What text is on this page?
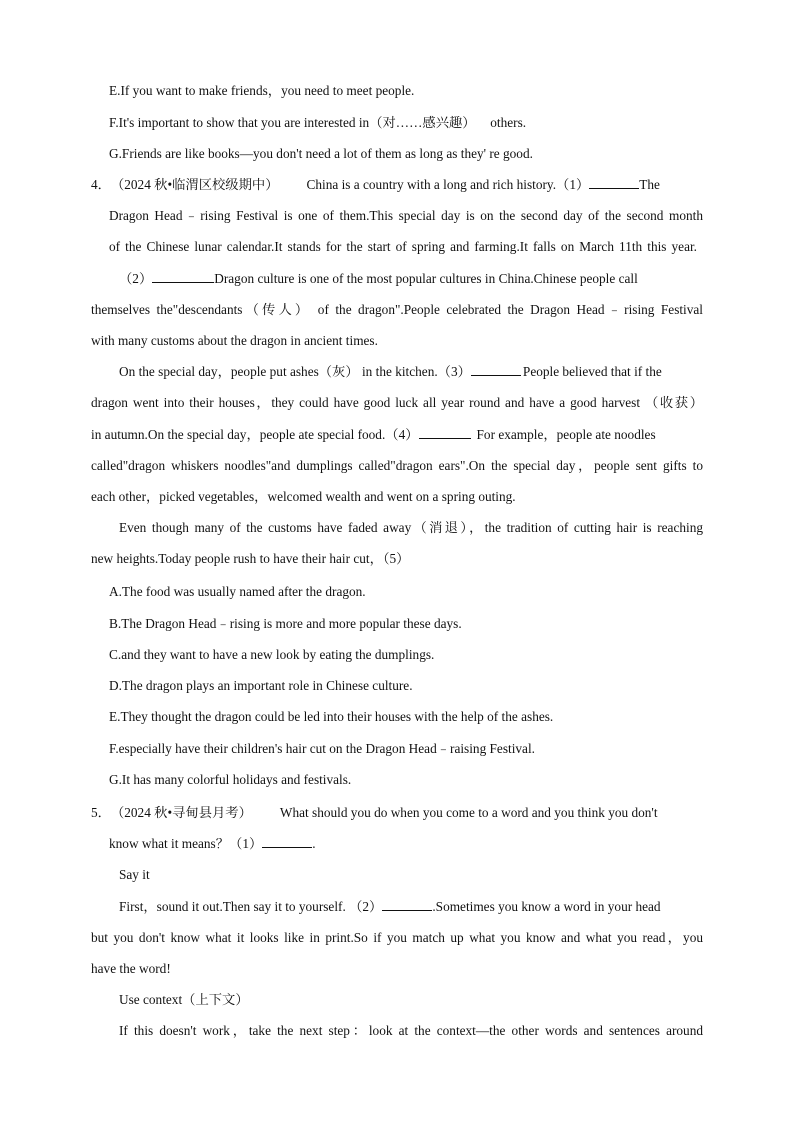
E.If you want to make friends，you need to meet people.
F.It's important to show that you are interested in（对……感兴趣） others.
G.Friends are like books—you don't need a lot of them as long as they' re good.
4．（2024 秋•临渭区校级期中） China is a country with a long and rich history.（1）	The
Dragon Head﹣rising Festival is one of them.This special day is on the second day of the second month
of the Chinese lunar calendar.It stands for the start of spring and farming.It falls on March 11th this year.
（2）	Dragon culture is one of the most popular cultures in China.Chinese people call
themselves the"descendants（传人） of the dragon".People celebrated the Dragon Head﹣rising Festival
with many customs about the dragon in ancient times.
On the special day，people put ashes（灰） in the kitchen.（3）	People believed that if the
dragon went into their houses，they could have good luck all year round and have a good harvest （收获）
in autumn.On the special day，people ate special food.（4）	For example，people ate noodles
called"dragon whiskers noodles"and dumplings called"dragon ears".On the special day，people sent gifts to
each other，picked vegetables，welcomed wealth and went on a spring outing.
Even though many of the customs have faded away（消退），the tradition of cutting hair is reaching
new heights.Today people rush to have their hair cut，（5）
A.The food was usually named after the dragon.
B.The Dragon Head﹣rising is more and more popular these days.
C.and they want to have a new look by eating the dumplings.
D.The dragon plays an important role in Chinese culture.
E.They thought the dragon could be led into their houses with the help of the ashes.
F.especially have their children's hair cut on the Dragon Head﹣raising Festival.
G.It has many colorful holidays and festivals.
5．（2024 秋•寻甸县月考） What should you do when you come to a word and you think you don't
know what it means？（1）	.
Say it
First，sound it out.Then say it to yourself. （2）	.Sometimes you know a word in your head
but you don't know what it looks like in print.So if you match up what you know and what you read，you
have the word!
Use context（上下文）
If this doesn't work，take the next step：look at the context—the other words and sentences around
